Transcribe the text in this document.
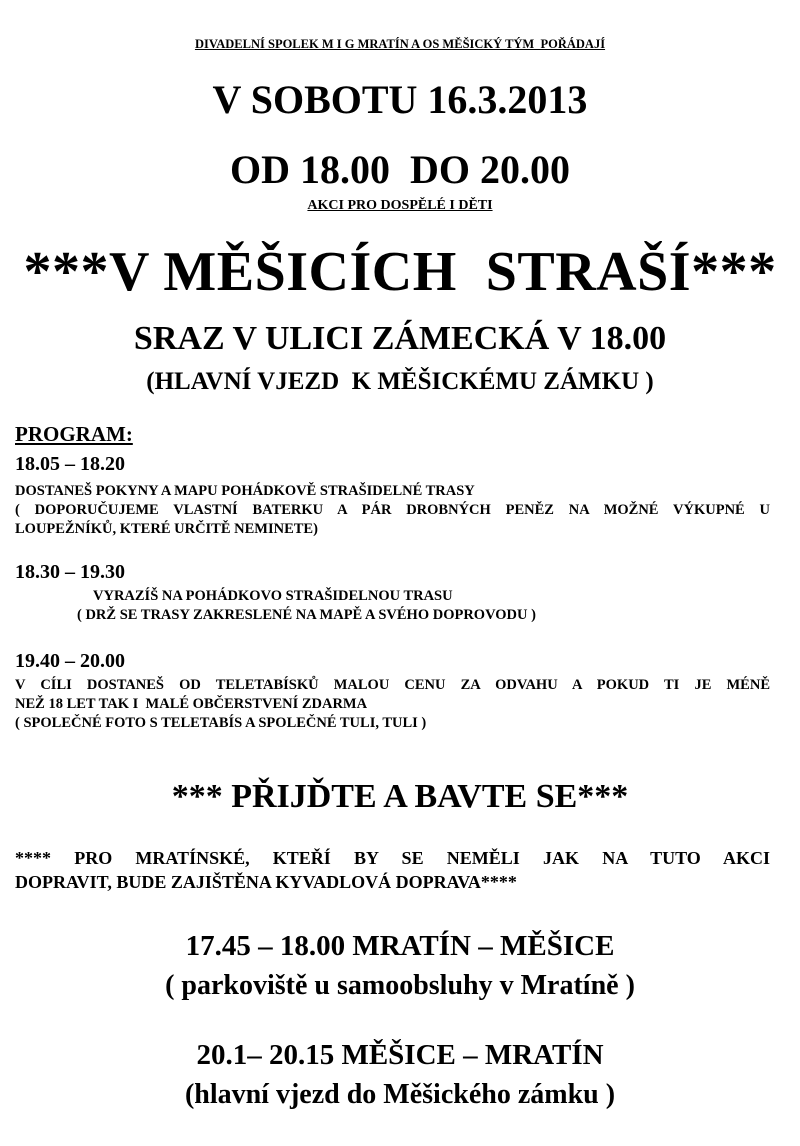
DIVADELNÍ SPOLEK M I G MRATÍN A OS MĚŠICKÝ TÝM  POŘÁDAJÍ
V SOBOTU 16.3.2013
OD 18.00  DO 20.00
AKCI PRO DOSPĚLÉ I DĚTI
***V MĚŠICÍCH  STRAŠÍ***
SRAZ V ULICI ZÁMECKÁ V 18.00
(HLAVNÍ VJEZD  K MĚŠICKÉMU ZÁMKU )
PROGRAM:
18.05 – 18.20
DOSTANEŠ POKYNY A MAPU POHÁDKOVĚ STRAŠIDELNÉ TRASY
( DOPORUČUJEME VLASTNÍ BATERKU A PÁR DROBNÝCH PENĚZ NA MOŽNÉ VÝKUPNÉ U
LOUPEŽNÍKŮ, KTERÉ URČITĚ NEMINETE)
18.30 – 19.30
VYRAZÍŠ NA POHÁDKOVO STRAŠIDELNOU TRASU
( DRŽ SE TRASY ZAKRESLENÉ NA MAPĚ A SVÉHO DOPROVODU )
19.40 – 20.00
V CÍLI DOSTANEŠ OD TELETABÍSKŮ MALOU CENU ZA ODVAHU A POKUD TI JE MÉNĚ
NEŽ 18 LET TAK I  MALÉ OBČERSTVENÍ ZDARMA
( SPOLEČNÉ FOTO S TELETABÍS A SPOLEČNÉ TULI, TULI )
*** PŘIJĎTE A BAVTE SE***
**** PRO MRATÍNSKÉ, KTEŘÍ BY SE NEMĚLI JAK NA TUTO AKCI
DOPRAVIT, BUDE ZAJIŠTĚNA KYVADLOVÁ DOPRAVA****
17.45 – 18.00 MRATÍN – MĚŠICE
( parkoviště u samoobsluhy v Mratíně )
20.1– 20.15 MĚŠICE – MRATÍN
(hlavní vjezd do Měšického zámku )
